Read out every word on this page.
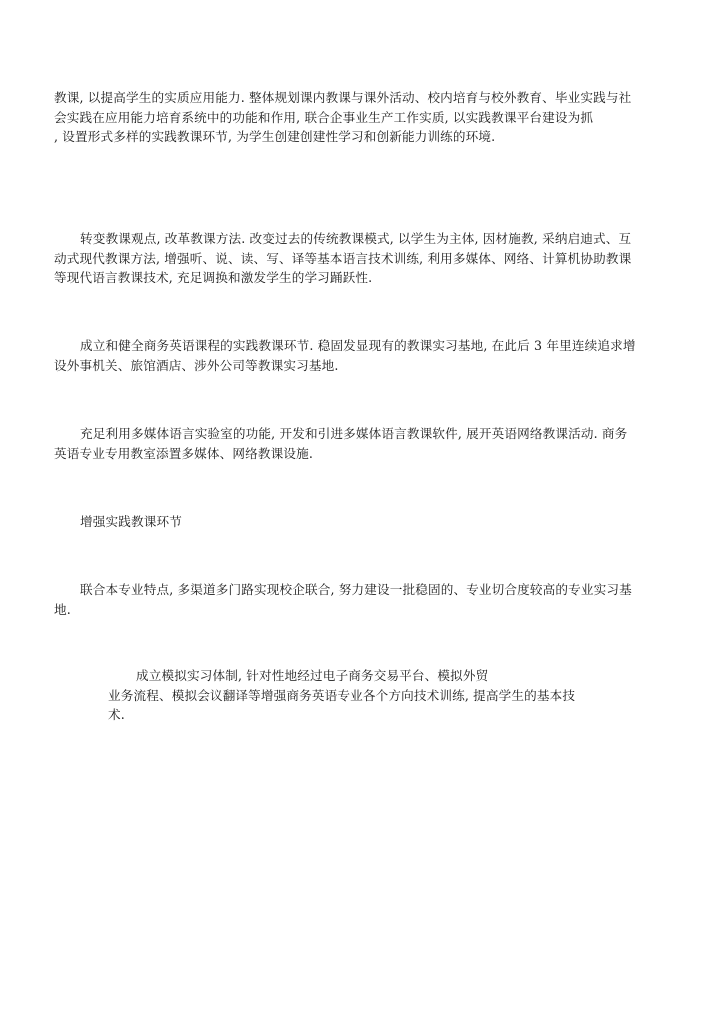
教课, 以提高学生的实质应用能力. 整体规划课内教课与课外活动、校内培育与校外教育、毕业实践与社
会实践在应用能力培育系统中的功能和作用, 联合企事业生产工作实质, 以实践教课平台建设为抓
, 设置形式多样的实践教课环节, 为学生创建创建性学习和创新能力训练的环境.
转变教课观点, 改革教课方法. 改变过去的传统教课模式, 以学生为主体, 因材施教, 采纳启迪式、互
动式现代教课方法, 增强听、说、读、写、译等基本语言技术训练, 利用多媒体、网络、计算机协助教课
等现代语言教课技术, 充足调换和激发学生的学习踊跃性.
成立和健全商务英语课程的实践教课环节. 稳固发显现有的教课实习基地, 在此后 3 年里连续追求增
设外事机关、旅馆酒店、涉外公司等教课实习基地.
充足利用多媒体语言实验室的功能, 开发和引进多媒体语言教课软件, 展开英语网络教课活动. 商务
英语专业专用教室添置多媒体、网络教课设施.
增强实践教课环节
联合本专业特点, 多渠道多门路实现校企联合, 努力建设一批稳固的、专业切合度较高的专业实习基
地.
成立模拟实习体制, 针对性地经过电子商务交易平台、模拟外贸
业务流程、模拟会议翻译等增强商务英语专业各个方向技术训练, 提高学生的基本技
术.
